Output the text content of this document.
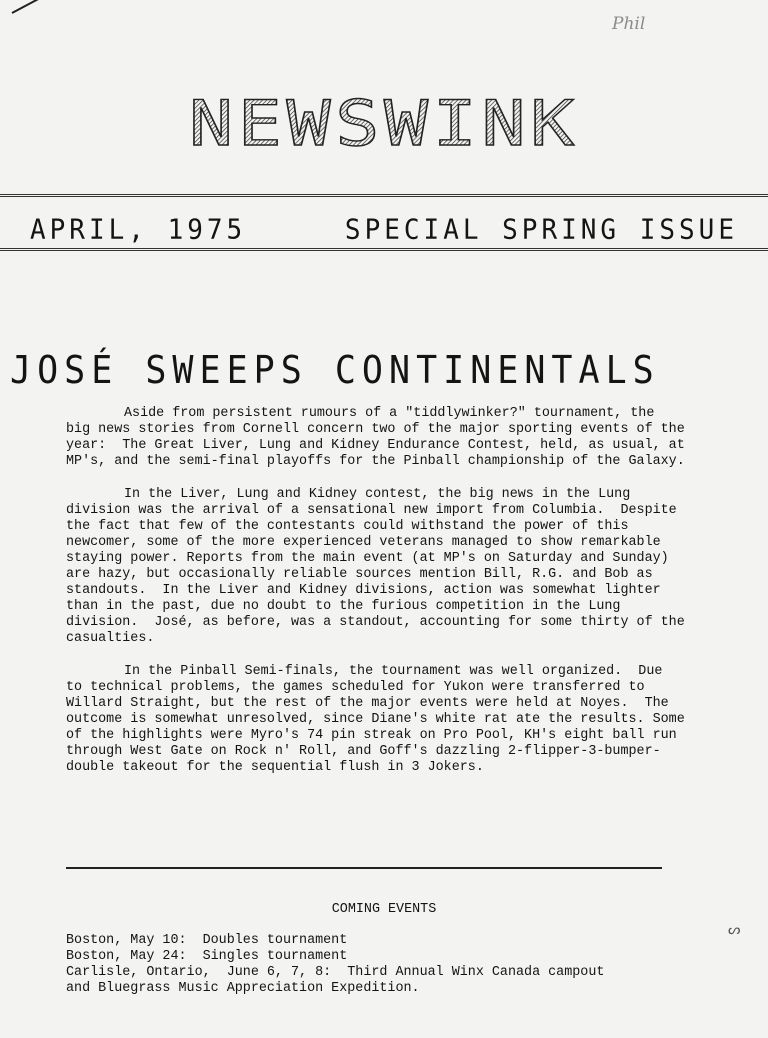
Phil
NEWSWINK
APRIL, 1975	SPECIAL SPRING ISSUE
JOSÉ SWEEPS CONTINENTALS

Aside from persistent rumours of a "tiddlywinker?" tournament, the big news stories from Cornell concern two of the major sporting events of the year:  The Great Liver, Lung and Kidney Endurance Contest, held, as usual, at MP's, and the semi-final playoffs for the Pinball championship of the Galaxy.

In the Liver, Lung and Kidney contest, the big news in the Lung division was the arrival of a sensational new import from Columbia.  Despite the fact that few of the contestants could withstand the power of this newcomer, some of the more experienced veterans managed to show remarkable staying power. Reports from the main event (at MP's on Saturday and Sunday) are hazy, but occasionally reliable sources mention Bill, R.G. and Bob as standouts.  In the Liver and Kidney divisions, action was somewhat lighter than in the past, due no doubt to the furious competition in the Lung division.  José, as before, was a standout, accounting for some thirty of the casualties.

In the Pinball Semi-finals, the tournament was well organized.  Due to technical problems, the games scheduled for Yukon were transferred to Willard Straight, but the rest of the major events were held at Noyes.  The outcome is somewhat unresolved, since Diane's white rat ate the results. Some of the highlights were Myro's 74 pin streak on Pro Pool, KH's eight ball run through West Gate on Rock n' Roll, and Goff's dazzling 2-flipper-3-bumper-double takeout for the sequential flush in 3 Jokers.

COMING EVENTS
Boston, May 10:  Doubles tournament
Boston, May 24:  Singles tournament
Carlisle, Ontario,  June 6, 7, 8:  Third Annual Winx Canada campout
and Bluegrass Music Appreciation Expedition.
ᔕ
